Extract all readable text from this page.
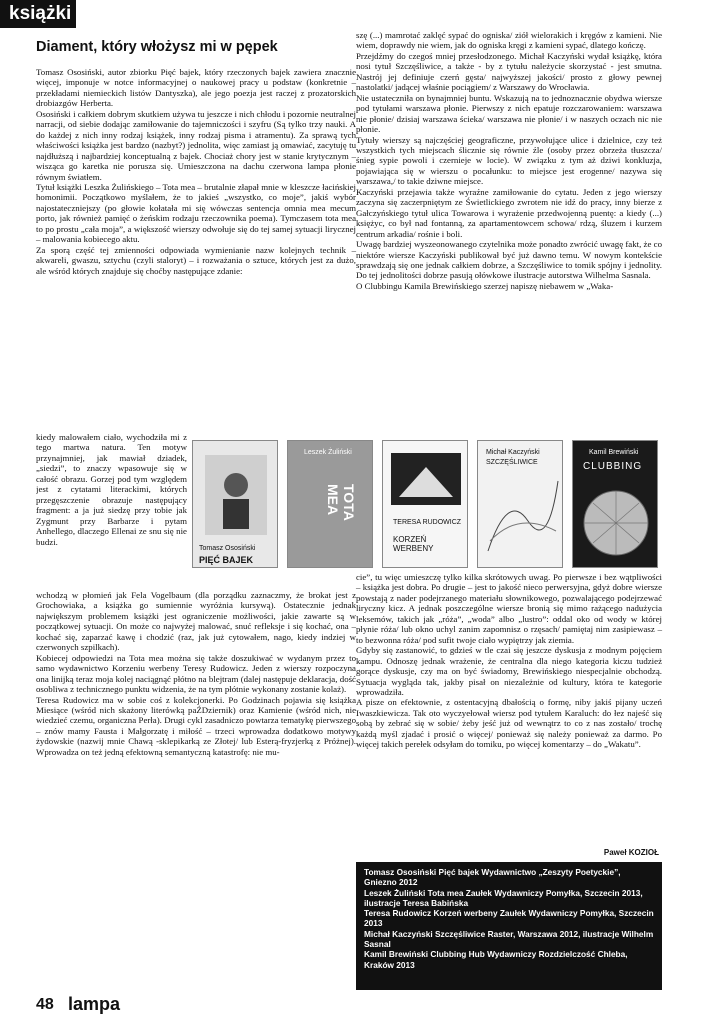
książki
Diament, który włożysz mi w pępek

Tomasz Ososiński, autor zbiorku Pięć bajek, który rzeczonych bajek zawiera znacznie więcej, imponuje w notce informacyjnej o naukowej pracy u podstaw (konkretnie – przekładami niemieckich listów Dantyszka), ale jego poezja jest raczej z prozatorskich drobiazgów Herberta.

Ososiński i całkiem dobrym skutkiem używa tu jeszcze i nich chłodu i pozornie neutralnej narracji, od siebie dodając zamiłowanie do tajemniczości i szyfru (Są tylko trzy nauki. A do każdej z nich inny rodzaj książek, inny rodzaj pisma i atramentu). Za sprawą tych właściwości książka jest bardzo (nazbyt?) jednolita, więc zamiast ją omawiać, zacytuję tu najdłuższą i najbardziej konceptualną z bajek. Chociaż chory jest w stanie krytycznym – wisząca go karetka nie porusza się. Umieszczona na dachu czerwona lampa płonie równym światłem.

Tytuł książki Leszka Żulińskiego – Tota mea – brutalnie złapał mnie w kleszcze łacińskiej homonimii. Początkowo myślałem, że to jakieś „wszystko, co moje”, jakiś wybór najostateczniejszy (po głowie kołatała mi się wówczas sentencja omnia mea mecum porto, jak również pamięć o żeńskim rodzaju rzeczownika poema). Tymczasem tota mea to po prostu „cała moja”, a większość wierszy odwołuje się do tej samej sytuacji lirycznej – malowania kobiecego aktu.

Za sporą część tej zmienności odpowiada wymienianie nazw kolejnych technik – akwareli, gwaszu, sztychu (czyli staloryt) – i rozważania o sztuce, których jest za dużo, ale wśród których znajduje się choćby następujące zdanie:

kiedy malowałem ciało, wychodziła mi z tego martwa natura. Ten motyw przynajmniej, jak mawiał dziadek, „siedzi”, to znaczy wpasowuje się w całość obrazu. Gorzej pod tym względem jest z cytatami literackimi, których przegęszczenie obrazuje następujący fragment: a ja już siedzę przy tobie jak Zygmunt przy Barbarze i pytam Anhellego, dlaczego Ellenai ze snu się nie budzi.
Tomasz Ososiński
PIĘĆ BAJEK
Leszek Żuliński
TOTA MEA
TERESA RUDOWICZ
KORZEŃ WERBENY
Michał Kaczyński
SZCZĘŚLIWICE
Kamil Brewiński
CLUBBING

wchodzą w płomień jak Fela Vogelbaum (dla porządku zaznaczmy, że brokat jest z Grochowiaka, a książka go sumiennie wyróżnia kursywą). Ostatecznie jednak największym problemem książki jest ograniczenie możliwości, jakie zawarte są w początkowej sytuacji. On może co najwyżej malować, snuć refleksje i się kochać, ona – kochać się, zaparzać kawę i chodzić (raz, jak już cytowałem, nago, kiedy indziej w czerwonych szpilkach).

Kobiecej odpowiedzi na Tota mea można się także doszukiwać w wydanym przez to samo wydawnictwo Korzeniu werbeny Teresy Rudowicz. Jeden z wierszy rozpoczyna ona linijką teraz moja kolej naciągnąć płótno na blejtram (dalej następuje deklaracja, dość osobliwa z technicznego punktu widzenia, że na tym płótnie wykonany zostanie kolaż).

Teresa Rudowicz ma w sobie coś z kolekcjonerki. Po Godzinach pojawia się książka Miesiące (wśród nich skażony literówką paŹDziernik) oraz Kamienie (wśród nich, nie wiedzieć czemu, organiczna Perła). Drugi cykl zasadniczo powtarza tematykę pierwszego – znów mamy Fausta i Małgorzatę i miłość – trzeci wprowadza dodatkowo motywy żydowskie (nazwij mnie Chawą -sklepikarką ze Złotej/ lub Esterą-fryzjerką z Próżnej). Wprowadza on też jedną efektowną semantyczną katastrofę: nie mu-

szę (...) mamrotać zaklęć sypać do ogniska/ ziół wielorakich i kręgów z kamieni. Nie wiem, doprawdy nie wiem, jak do ogniska kręgi z kamieni sypać, dlatego kończę.

Przejdźmy do czegoś mniej przesłodzonego. Michał Kaczyński wydał książkę, która nosi tytuł Szczęśliwice, a także - by z tytułu należycie skorzystać - jest smutna. Nastrój jej definiuje czerń gęsta/ najwyższej jakości/ prosto z głowy pewnej nastolatki/ jadącej właśnie pociągiem/ z Warszawy do Wrocławia.

Nie ustateczniła on bynajmniej buntu. Wskazują na to jednoznacznie obydwa wiersze pod tytułami warszawa płonie. Pierwszy z nich epatuje rozczarowaniem: warszawa nie płonie/ dzisiaj warszawa ścieka/ warszawa nie płonie/ i w naszych oczach nic nie płonie.

Tytuły wierszy są najczęściej geograficzne, przywołujące ulice i dzielnice, czy też wszystkich tych miejscach ślicznie się równie źle (osoby przez obrzeża tłuszcza/ śnieg sypie powoli i czernieje w locie). W związku z tym aż dziwi konkluzja, pojawiająca się w wierszu o pocałunku: to miejsce jest erogenne/ nazywa się warszawa,/ to takie dziwne miejsce.

Kaczyński przejawia także wyraźne zamiłowanie do cytatu. Jeden z jego wierszy zaczyna się zaczerpniętym ze Świetlickiego zwrotem nie idź do pracy, inny bierze z Gałczyńskiego tytuł ulica Towarowa i wyrażenie przedwojenną puentę: a kiedy (...) księżyc, co był nad fontanną, za apartamentowcem schowa/ rdzą, śluzem i kurzem centrum arkadia/ rośnie i boli.

Uwagę bardziej wyszeonowanego czytelnika może ponadto zwrócić uwagę fakt, że co niektóre wiersze Kaczyński publikował być już dawno temu. W nowym kontekście sprawdzają się one jednak całkiem dobrze, a Szczęśliwice to tomik spójny i jednolity. Do tej jednolitości dobrze pasują ołówkowe ilustracje autorstwa Wilhelma Sasnala.

O Clubbingu Kamila Brewińskiego szerzej napiszę niebawem w „Waka-

cie”, tu więc umieszczę tylko kilka skrótowych uwag. Po pierwsze i bez wątpliwości – książka jest dobra. Po drugie – jest to jakość nieco perwersyjna, gdyż dobre wiersze powstają z nader podejrzanego materiału słownikowego, pozwalającego podejrzewać liryczny kicz. A jednak poszczególne wiersze bronią się mimo rażącego nadużycia leksemów, takich jak „róża”, „woda” albo „lustro”: oddal oko od wody w której płynie róża/ lub okno uchyl zanim zapomnisz o rzęsach/ pamiętaj nim zasipiewasz – to bezwonna róża/ pod sufit twoje ciało wypiętrzy jak ziemia.

Gdyby się zastanowić, to gdzieś w tle czai się jeszcze dyskusja z modnym pojęciem kampu. Odnoszę jednak wrażenie, że centralna dla niego kategoria kiczu tudzież gorące dyskusje, czy ma on być świadomy, Brewińskiego niespecjalnie obchodzą. Sytuacja wygląda tak, jakby pisał on niezależnie od kultury, która te kategorie wprowadziła.

A pisze on efektownie, z ostentacyjną dbałością o formę, niby jakiś pijany uczeń Iwaszkiewicza. Tak oto wyczyełował wiersz pod tytułem Karaluch: do łez najeść się sobą by zebrać się w sobie/ żeby jeść już od wewnątrz to co z nas zostało/ trochę każdą myśl zjadać i prosić o więcej/ ponieważ się należy ponieważ za darmo. Po więcej takich perełek odsyłam do tomiku, po więcej komentarzy – do „Wakatu”.

Paweł KOZIOŁ
Tomasz Ososiński Pięć bajek Wydawnictwo „Zeszyty Poetyckie”, Gniezno 2012
Leszek Żuliński Tota mea Zaułek Wydawniczy Pomyłka, Szczecin 2013, ilustracje Teresa Babińska
Teresa Rudowicz Korzeń werbeny Zaułek Wydawniczy Pomyłka, Szczecin 2013
Michał Kaczyński Szczęśliwice Raster, Warszawa 2012, ilustracje Wilhelm Sasnal
Kamil Brewiński Clubbing Hub Wydawniczy Rozdzielczość Chleba, Kraków 2013
48 lampa
